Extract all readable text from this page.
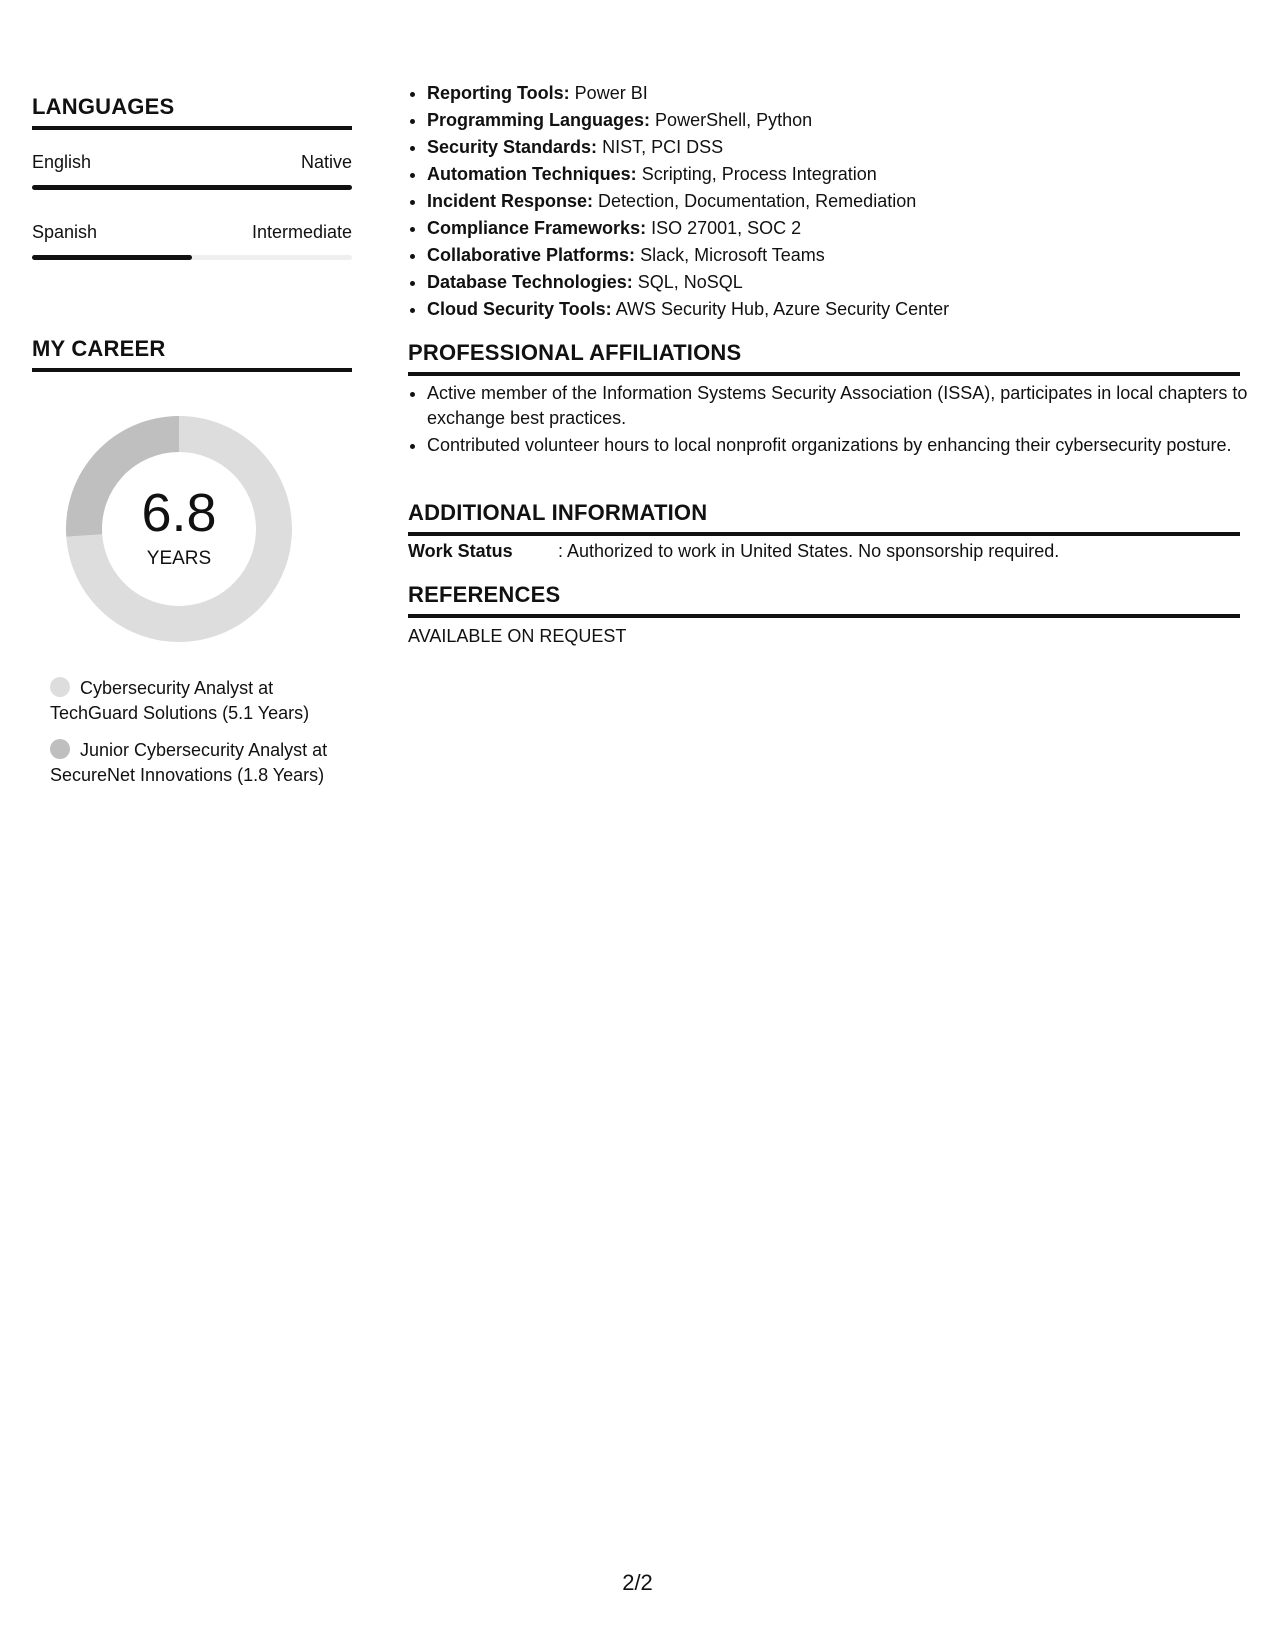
LANGUAGES
English	Native
Spanish	Intermediate
MY CAREER
6.8
YEARS
Cybersecurity Analyst at TechGuard Solutions (5.1 Years)
Junior Cybersecurity Analyst at SecureNet Innovations (1.8 Years)
• Reporting Tools: Power BI
• Programming Languages: PowerShell, Python
• Security Standards: NIST, PCI DSS
• Automation Techniques: Scripting, Process Integration
• Incident Response: Detection, Documentation, Remediation
• Compliance Frameworks: ISO 27001, SOC 2
• Collaborative Platforms: Slack, Microsoft Teams
• Database Technologies: SQL, NoSQL
• Cloud Security Tools: AWS Security Hub, Azure Security Center
PROFESSIONAL AFFILIATIONS
• Active member of the Information Systems Security Association (ISSA), participates in local chapters to exchange best practices.
• Contributed volunteer hours to local nonprofit organizations by enhancing their cybersecurity posture.
ADDITIONAL INFORMATION
Work Status	: Authorized to work in United States. No sponsorship required.
REFERENCES
AVAILABLE ON REQUEST
2/2
